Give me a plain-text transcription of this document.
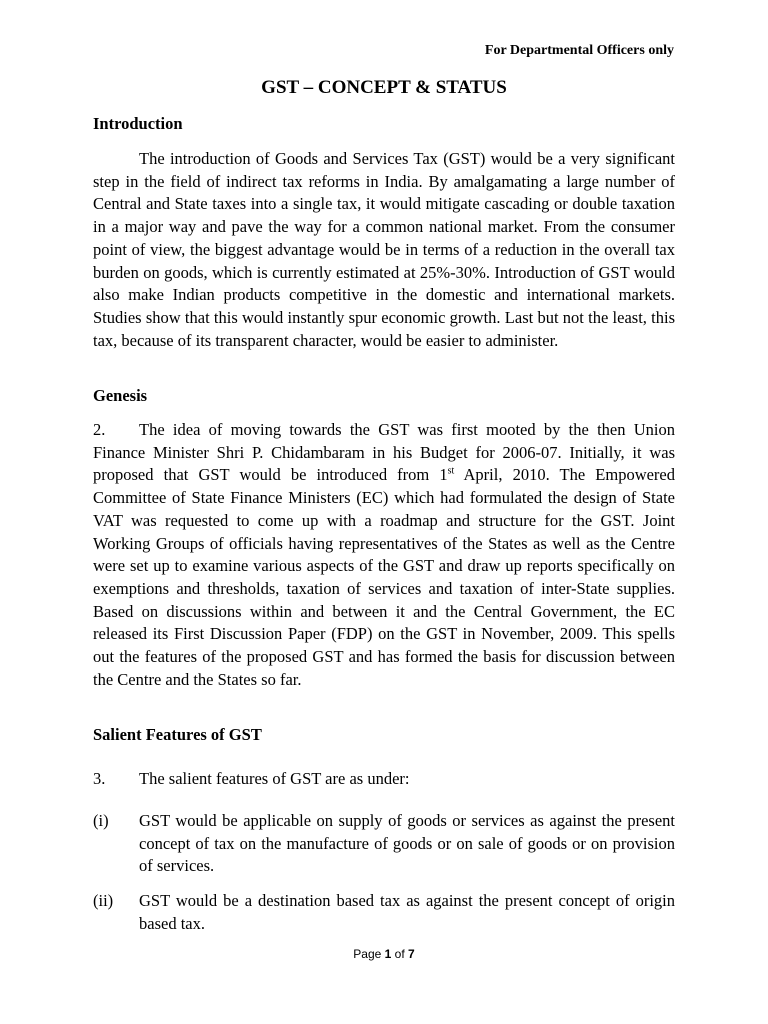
For Departmental Officers only
GST – CONCEPT & STATUS
Introduction

The introduction of Goods and Services Tax (GST) would be a very significant step in the field of indirect tax reforms in India. By amalgamating a large number of Central and State taxes into a single tax, it would mitigate cascading or double taxation in a major way and pave the way for a common national market. From the consumer point of view, the biggest advantage would be in terms of a reduction in the overall tax burden on goods, which is currently estimated at 25%-30%. Introduction of GST would also make Indian products competitive in the domestic and international markets. Studies show that this would instantly spur economic growth. Last but not the least, this tax, because of its transparent character, would be easier to administer.

Genesis

2. The idea of moving towards the GST was first mooted by the then Union Finance Minister Shri P. Chidambaram in his Budget for 2006-07. Initially, it was proposed that GST would be introduced from 1st April, 2010. The Empowered Committee of State Finance Ministers (EC) which had formulated the design of State VAT was requested to come up with a roadmap and structure for the GST. Joint Working Groups of officials having representatives of the States as well as the Centre were set up to examine various aspects of the GST and draw up reports specifically on exemptions and thresholds, taxation of services and taxation of inter-State supplies. Based on discussions within and between it and the Central Government, the EC released its First Discussion Paper (FDP) on the GST in November, 2009. This spells out the features of the proposed GST and has formed the basis for discussion between the Centre and the States so far.

Salient Features of GST

3. The salient features of GST are as under:

(i) GST would be applicable on supply of goods or services as against the present concept of tax on the manufacture of goods or on sale of goods or on provision of services.
(ii) GST would be a destination based tax as against the present concept of origin based tax.
Page 1 of 7
